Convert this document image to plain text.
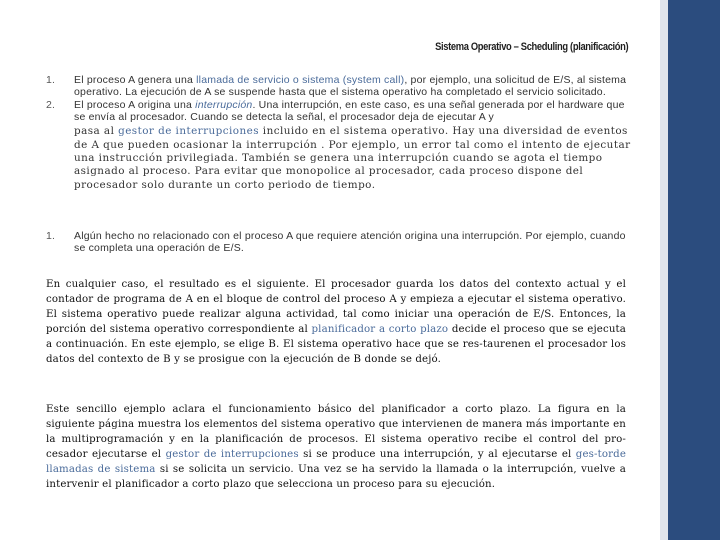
Sistema Operativo – Scheduling (planificación)
1. El proceso A genera una llamada de servicio o sistema (system call), por ejemplo, una solicitud de E/S, al sistema operativo. La ejecución de A se suspende hasta que el sistema operativo ha completado el servicio solicitado.
2. El proceso A origina una interrupción. Una interrupción, en este caso, es una señal generada por el hardware que se envía al procesador. Cuando se detecta la señal, el procesador deja de ejecutar A y
pasa al gestor de interrupciones incluido en el sistema operativo. Hay una diversidad de eventos de A que pueden ocasionar la interrupción . Por ejemplo, un error tal como el intento de ejecutar una instrucción privilegiada. También se genera una interrupción cuando se agota el tiempo asignado al proceso. Para evitar que monopolice al procesador, cada proceso dispone del procesador solo durante un corto periodo de tiempo.
1. Algún hecho no relacionado con el proceso A que requiere atención origina una interrupción. Por ejemplo, cuando se completa una operación de E/S.

En cualquier caso, el resultado es el siguiente. El procesador guarda los datos del contexto actual y el contador de programa de A en el bloque de control del proceso A y empieza a ejecutar el sistema operativo. El sistema operativo puede realizar alguna actividad, tal como iniciar una operación de E/S. Entonces, la porción del sistema operativo correspondiente al planificador a corto plazo decide el proceso que se ejecuta a continuación. En este ejemplo, se elige B. El sistema operativo hace que se res-taurenen el procesador los datos del contexto de B y se prosigue con la ejecución de B donde se dejó.

Este sencillo ejemplo aclara el funcionamiento básico del planificador a corto plazo. La figura en la siguiente página muestra los elementos del sistema operativo que intervienen de manera más importante en la multiprogramación y en la planificación de procesos. El sistema operativo recibe el control del pro-cesador ejecutarse el gestor de interrupciones si se produce una interrupción, y al ejecutarse el ges-torde llamadas de sistema si se solicita un servicio. Una vez se ha servido la llamada o la interrupción, vuelve a intervenir el planificador a corto plazo que selecciona un proceso para su ejecución.
